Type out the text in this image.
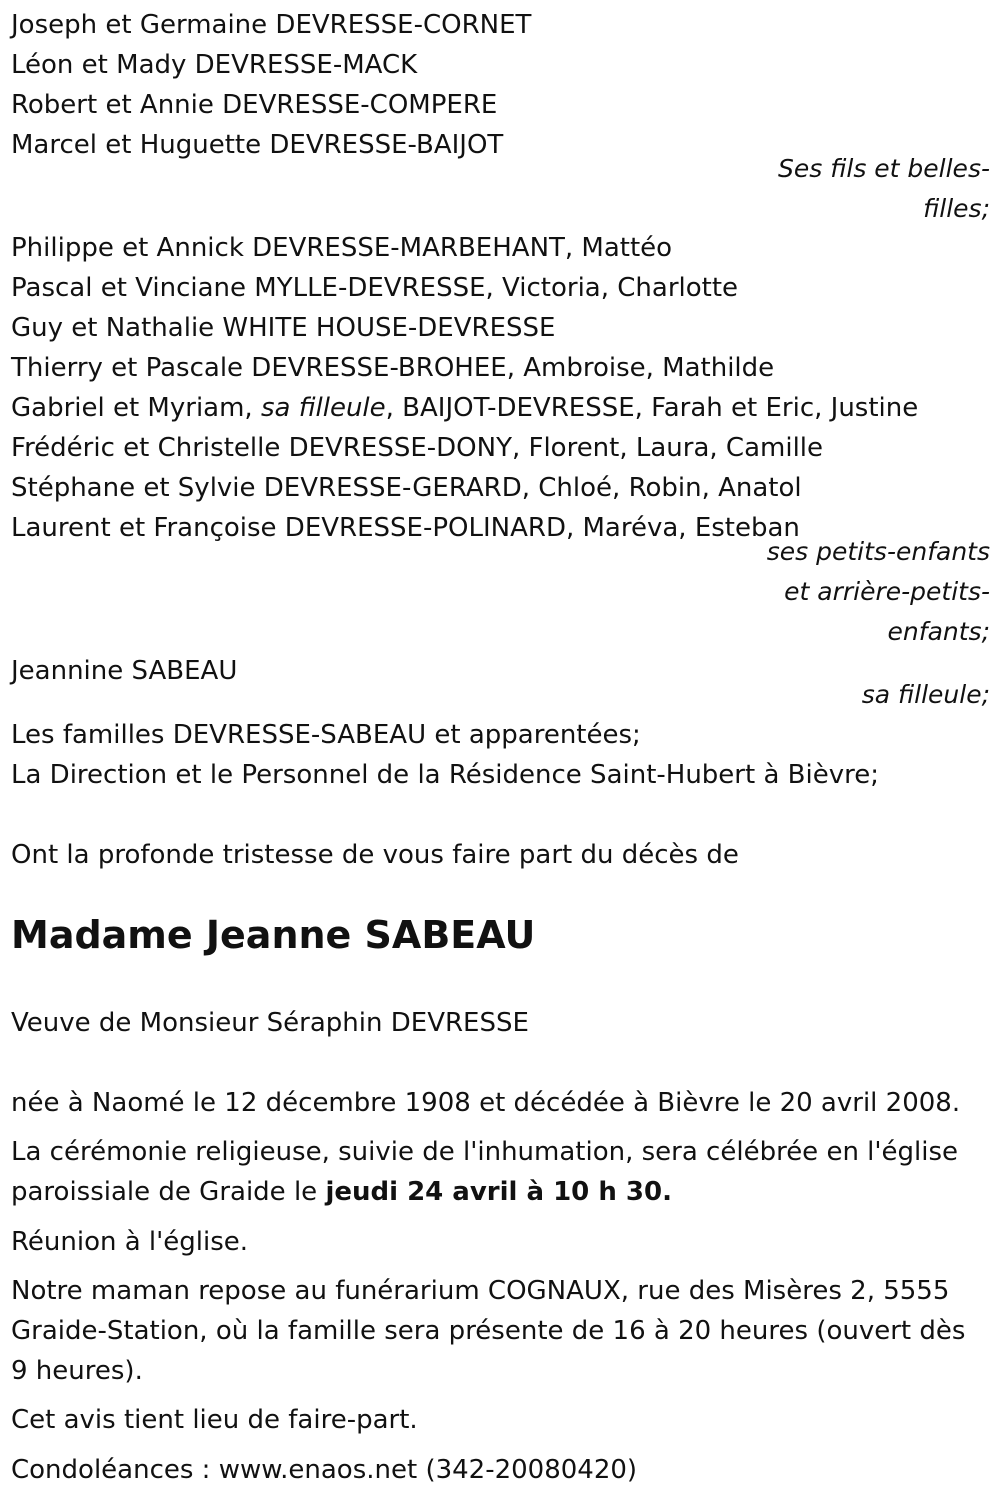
Joseph et Germaine DEVRESSE-CORNET
Léon et Mady DEVRESSE-MACK
Robert et Annie DEVRESSE-COMPERE
Marcel et Huguette DEVRESSE-BAIJOT
Ses fils et belles-
filles;
Philippe et Annick DEVRESSE-MARBEHANT, Mattéo
Pascal et Vinciane MYLLE-DEVRESSE, Victoria, Charlotte
Guy et Nathalie WHITE HOUSE-DEVRESSE
Thierry et Pascale DEVRESSE-BROHEE, Ambroise, Mathilde
Gabriel et Myriam, sa filleule, BAIJOT-DEVRESSE, Farah et Eric, Justine
Frédéric et Christelle DEVRESSE-DONY, Florent, Laura, Camille
Stéphane et Sylvie DEVRESSE-GERARD, Chloé, Robin, Anatol
Laurent et Françoise DEVRESSE-POLINARD, Maréva, Esteban
ses petits-enfants
et arrière-petits-
enfants;
Jeannine SABEAU
sa filleule;
Les familles DEVRESSE-SABEAU et apparentées;
La Direction et le Personnel de la Résidence Saint-Hubert à Bièvre;
Ont la profonde tristesse de vous faire part du décès de
Madame Jeanne SABEAU
Veuve de Monsieur Séraphin DEVRESSE
née à Naomé le 12 décembre 1908 et décédée à Bièvre le 20 avril 2008.
La cérémonie religieuse, suivie de l'inhumation, sera célébrée en l'église paroissiale de Graide le jeudi 24 avril à 10 h 30.
Réunion à l'église.
Notre maman repose au funérarium COGNAUX, rue des Misères 2, 5555 Graide-Station, où la famille sera présente de 16 à 20 heures (ouvert dès 9 heures).
Cet avis tient lieu de faire-part.
Condoléances : www.enaos.net (342-20080420)
